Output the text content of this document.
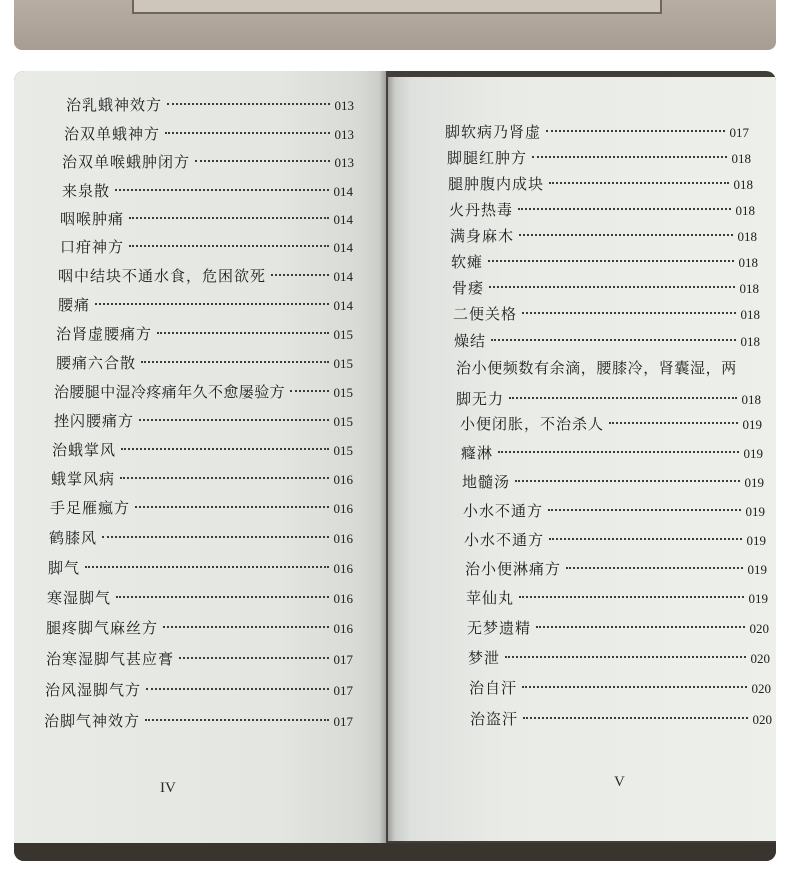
治乳蛾神效方	013
治双单蛾神方	013
治双单喉蛾肿闭方	013
来泉散	014
咽喉肿痛	014
口疳神方	014
咽中结块不通水食，危困欲死	014
腰痛	014
治肾虚腰痛方	015
腰痛六合散	015
治腰腿中湿冷疼痛年久不愈屡验方	015
挫闪腰痛方	015
治蛾掌风	015
蛾掌风病	016
手足雁瘋方	016
鹤膝风	016
脚气	016
寒湿脚气	016
腿疼脚气麻丝方	016
治寒湿脚气甚应膏	017
治风湿脚气方	017
治脚气神效方	017
IV
脚软病乃肾虚	017
脚腿红肿方	018
腿肿腹内成块	018
火丹热毒	018
满身麻木	018
软瘫	018
骨痿	018
二便关格	018
燥结	018
治小便频数有余滴，腰膝冷，肾囊湿，两
脚无力	018
小便闭胀，不治杀人	019
癃淋	019
地髓汤	019
小水不通方	019
小水不通方	019
治小便淋痛方	019
苹仙丸	019
无梦遗精	020
梦泄	020
治自汗	020
治盗汗	020
V
